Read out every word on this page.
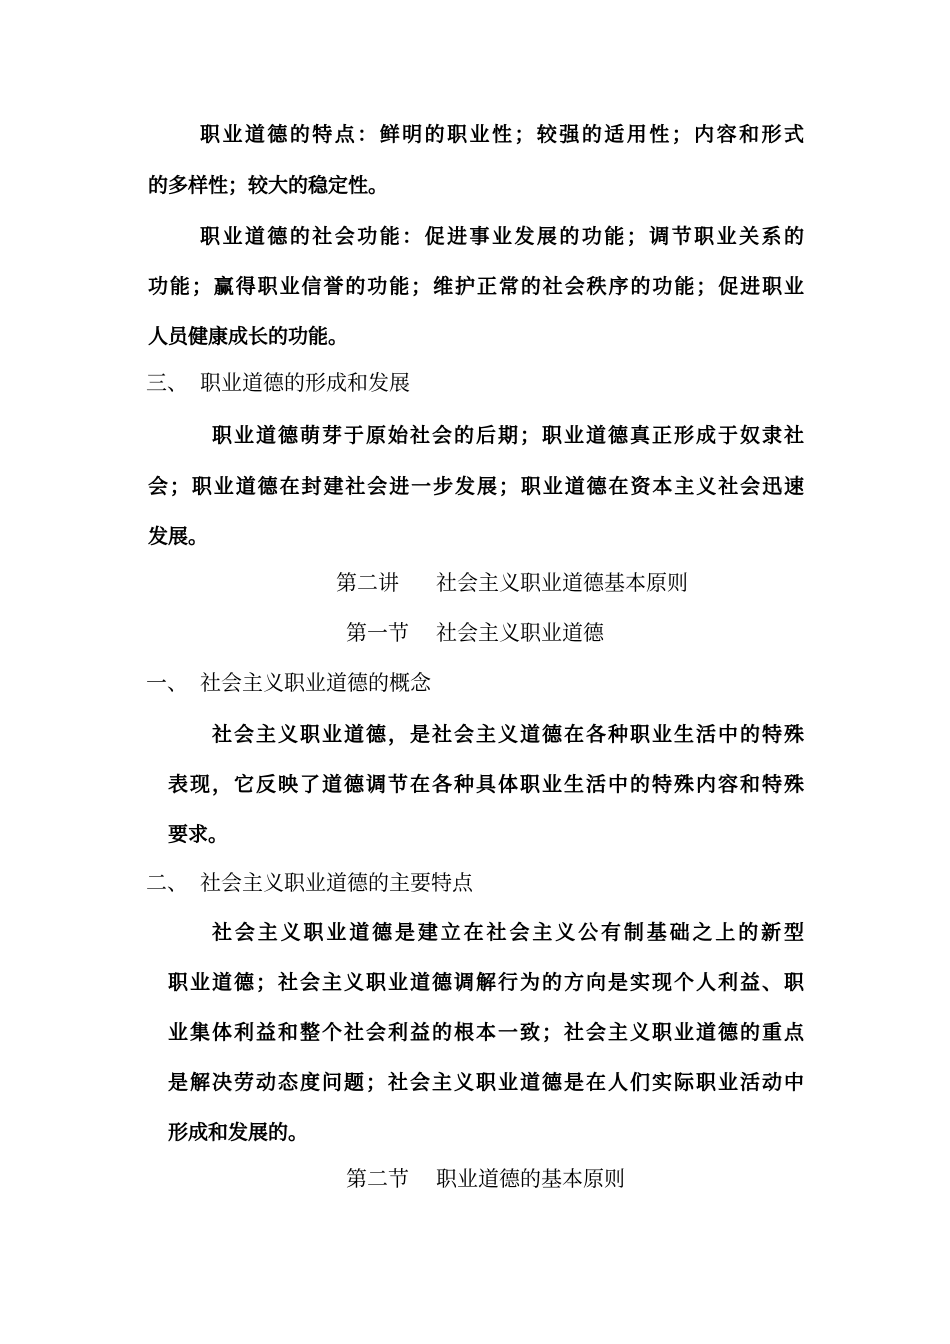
职业道德的特点：鲜明的职业性；较强的适用性；内容和形式
的多样性；较大的稳定性。
职业道德的社会功能：促进事业发展的功能；调节职业关系的
功能；赢得职业信誉的功能；维护正常的社会秩序的功能；促进职业
人员健康成长的功能。
三、 职业道德的形成和发展
职业道德萌芽于原始社会的后期；职业道德真正形成于奴隶社
会；职业道德在封建社会进一步发展；职业道德在资本主义社会迅速
发展。
第二讲 社会主义职业道德基本原则
第一节 社会主义职业道德
一、 社会主义职业道德的概念
社会主义职业道德，是社会主义道德在各种职业生活中的特殊
表现，它反映了道德调节在各种具体职业生活中的特殊内容和特殊
要求。
二、 社会主义职业道德的主要特点
社会主义职业道德是建立在社会主义公有制基础之上的新型
职业道德；社会主义职业道德调解行为的方向是实现个人利益、职
业集体利益和整个社会利益的根本一致；社会主义职业道德的重点
是解决劳动态度问题；社会主义职业道德是在人们实际职业活动中
形成和发展的。
第二节 职业道德的基本原则
